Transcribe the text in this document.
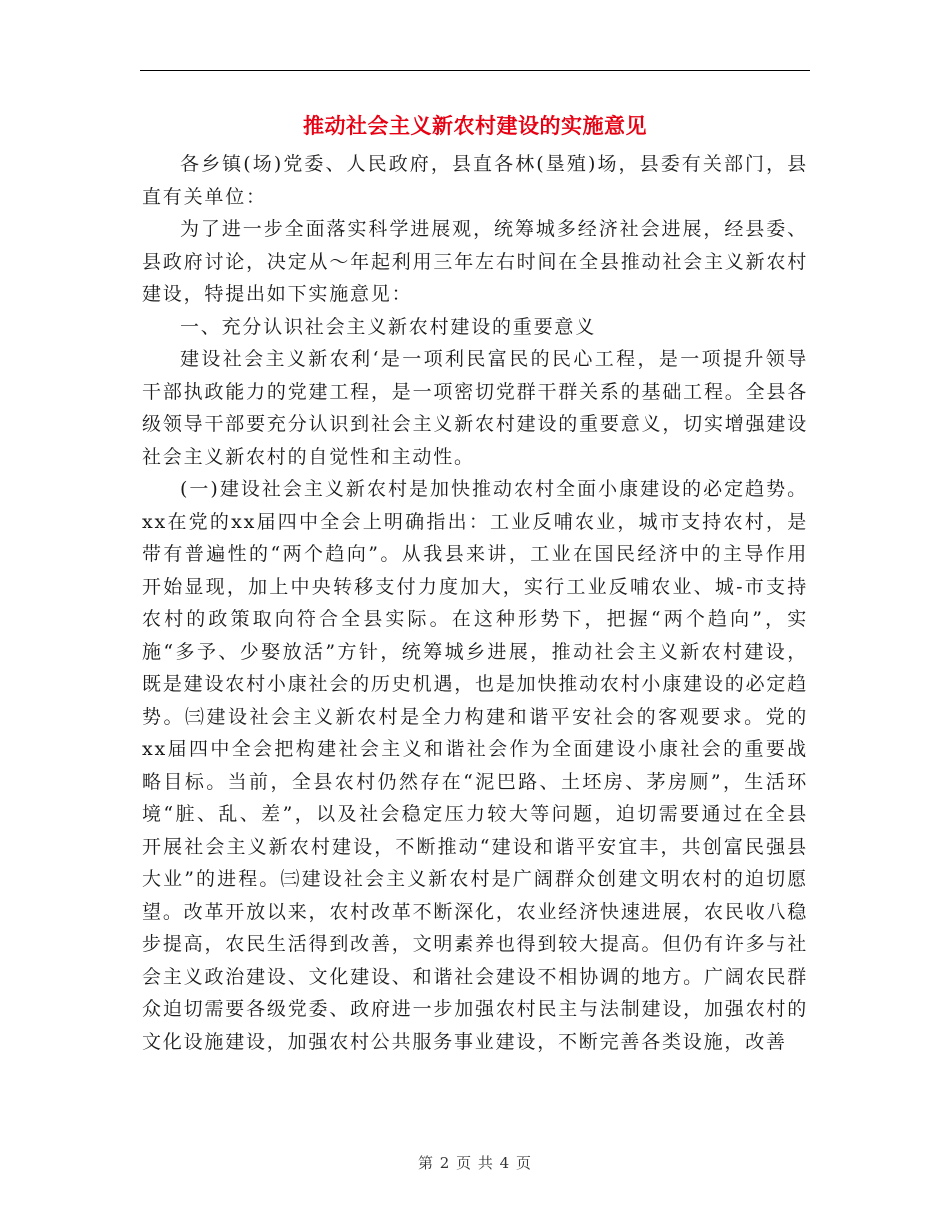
推动社会主义新农村建设的实施意见

各乡镇(场)党委、人民政府，县直各林(垦殖)场，县委有关部门，县直有关单位：

为了进一步全面落实科学进展观，统筹城多经济社会进展，经县委、县政府讨论，决定从～年起利用三年左右时间在全县推动社会主义新农村建设，特提出如下实施意见：

一、充分认识社会主义新农村建设的重要意义

建设社会主义新农利‘是一项利民富民的民心工程，是一项提升领导干部执政能力的党建工程，是一项密切党群干群关系的基础工程。全县各级领导干部要充分认识到社会主义新农村建设的重要意义，切实增强建设社会主义新农村的自觉性和主动性。

(一)建设社会主义新农村是加快推动农村全面小康建设的必定趋势。xx在党的xx届四中全会上明确指出：工业反哺农业，城市支持农村，是带有普遍性的“两个趋向”。从我县来讲，工业在国民经济中的主导作用开始显现，加上中央转移支付力度加大，实行工业反哺农业、城-市支持农村的政策取向符合全县实际。在这种形势下，把握“两个趋向”，实施“多予、少娶放活”方针，统筹城乡进展，推动社会主义新农村建设，既是建设农村小康社会的历史机遇，也是加快推动农村小康建设的必定趋势。㈢建设社会主义新农村是全力构建和谐平安社会的客观要求。党的xx届四中全会把构建社会主义和谐社会作为全面建设小康社会的重要战略目标。当前，全县农村仍然存在“泥巴路、土坯房、茅房厕”，生活环境“脏、乱、差”，以及社会稳定压力较大等问题，迫切需要通过在全县开展社会主义新农村建设，不断推动“建设和谐平安宜丰，共创富民强县大业”的进程。㈢建设社会主义新农村是广阔群众创建文明农村的迫切愿望。改革开放以来，农村改革不断深化，农业经济快速进展，农民收八稳步提高，农民生活得到改善，文明素养也得到较大提高。但仍有许多与社会主义政治建设、文化建设、和谐社会建设不相协调的地方。广阔农民群众迫切需要各级党委、政府进一步加强农村民主与法制建设，加强农村的文化设施建设，加强农村公共服务事业建设，不断完善各类设施，改善

第 2 页 共 4 页
